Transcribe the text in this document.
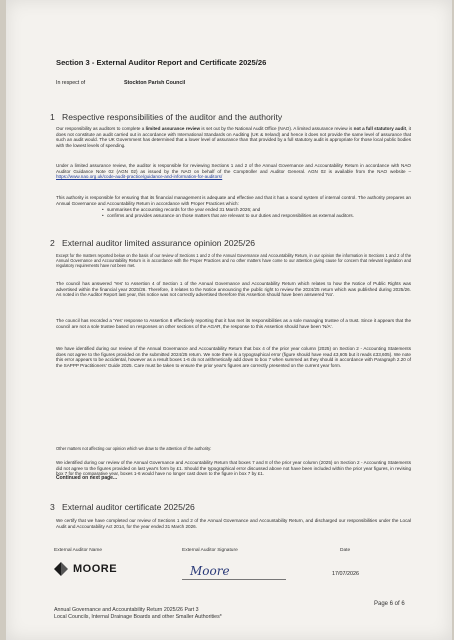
Section 3 - External Auditor Report and Certificate 2025/26
In respect of	Stockton Parish Council
1 Respective responsibilities of the auditor and the authority
Our responsibility as auditors to complete a limited assurance review is set out by the National Audit Office (NAO). A limited assurance review is not a full statutory audit, it does not constitute an audit carried out in accordance with International Standards on Auditing (UK & Ireland) and hence it does not provide the same level of assurance that such an audit would. The UK Government has determined that a lower level of assurance than that provided by a full statutory audit is appropriate for those local public bodies with the lowest levels of spending.
Under a limited assurance review, the auditor is responsible for reviewing Sections 1 and 2 of the Annual Governance and Accountability Return in accordance with NAO Auditor Guidance Note 02 (AGN 02) as issued by the NAO on behalf of the Comptroller and Auditor General. AGN 02 is available from the NAO website – https://www.nao.org.uk/code-audit-practice/guidance-and-information-for-auditors/
This authority is responsible for ensuring that its financial management is adequate and effective and that it has a sound system of internal control. The authority prepares an Annual Governance and Accountability Return in accordance with Proper Practices which:
• summarises the accounting records for the year ended 31 March 2026; and
• confirms and provides assurance on those matters that are relevant to our duties and responsibilities as external auditors.
2 External auditor limited assurance opinion 2025/26
Except for the matters reported below on the basis of our review of Sections 1 and 2 of the Annual Governance and Accountability Return, in our opinion the information in Sections 1 and 2 of the Annual Governance and Accountability Return is in accordance with the Proper Practices and no other matters have come to our attention giving cause for concern that relevant legislation and regulatory requirements have not been met.
The council has answered 'Yes' to Assertion 4 of Section 1 of the Annual Governance and Accountability Return which relates to how the Notice of Public Rights was advertised within the financial year 2025/26. Therefore, it relates to the Notice announcing the public right to review the 2024/25 return which was published during 2025/26. As noted in the Auditor Report last year, this notice was not correctly advertised therefore this Assertion should have been answered 'No'.
The council has recorded a 'Yes' response to Assertion 8 effectively reporting that it has met its responsibilities as a sole managing trustee of a trust. Since it appears that the council are not a sole trustee based on responses on other sections of the AGAR, the response to this Assertion should have been 'N/A'.
We have identified during our review of the Annual Governance and Accountability Return that box 4 of the prior year column (2025) on Section 2 - Accounting Statements does not agree to the figures provided on the submitted 2024/25 return. We note there is a typographical error (figure should have read £3,605 but it reads £33,605). We note this error appears to be accidental, however as a result boxes 1-6 do not arithmetically add down to box 7 when summed as they should in accordance with Paragraph 2.20 of the SAPPP Practitioners' Guide 2025. Care must be taken to ensure the prior year's figures are correctly presented on the current year form.
Other matters not affecting our opinion which we draw to the attention of the authority:
We identified during our review of the Annual Governance and Accountability Return that boxes 7 and 8 of the prior year column (2025) on Section 2 - Accounting Statements did not agree to the figures provided on last year's form by £1. Should the typographical error discussed above not have been included within the prior year figures, in revising box 7 for the comparative year, boxes 1-6 would have no longer cast down to the figure in box 7 by £1.
Continued on next page...
3 External auditor certificate 2025/26
We certify that we have completed our review of Sections 1 and 2 of the Annual Governance and Accountability Return, and discharged our responsibilities under the Local Audit and Accountability Act 2014, for the year ended 31 March 2026.
External Auditor Name	External Auditor Signature	Date
MOORE	Moore	17/07/2026
Annual Governance and Accountability Return 2025/26 Part 3
Local Councils, Internal Drainage Boards and other Smaller Authorities*
Page 6 of 6
